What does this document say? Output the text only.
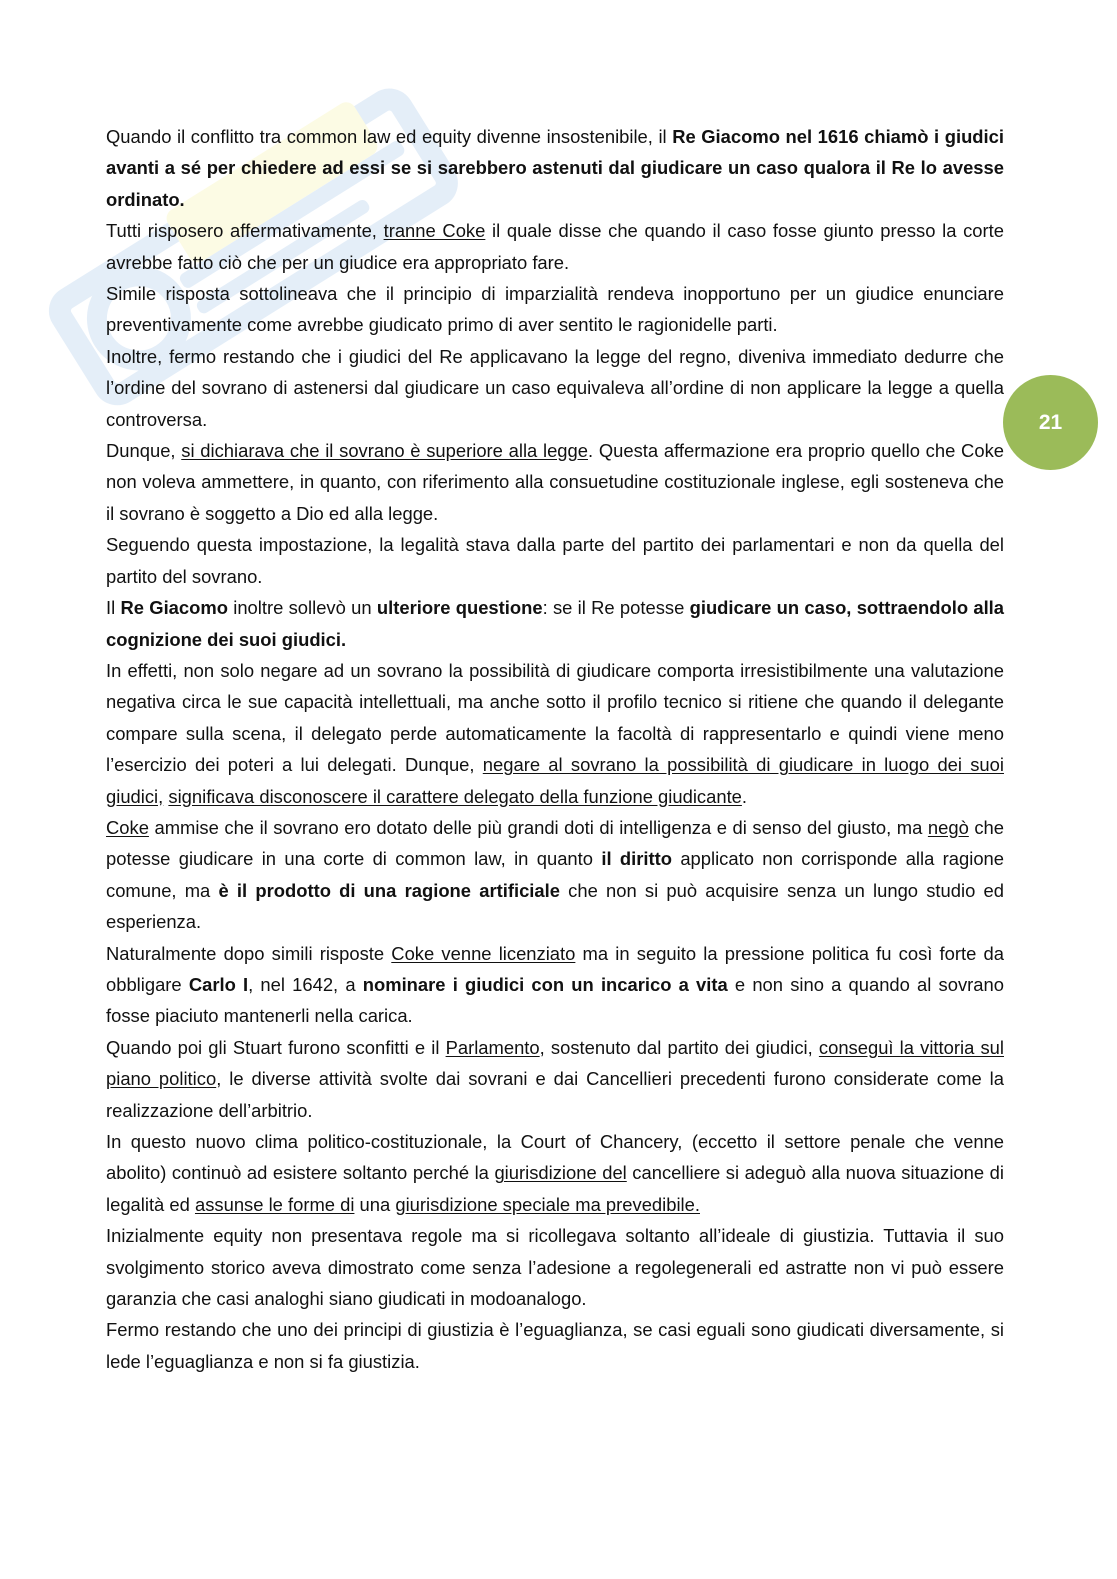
21

Quando il conflitto tra common law ed equity divenne insostenibile, il Re Giacomo nel 1616 chiamò i giudici avanti a sé per chiedere ad essi se si sarebbero astenuti dal giudicare un caso qualora il Re lo avesse ordinato.

Tutti risposero affermativamente, tranne Coke il quale disse che quando il caso fosse giunto presso la corte avrebbe fatto ciò che per un giudice era appropriato fare.

Simile risposta sottolineava che il principio di imparzialità rendeva inopportuno per un giudice enunciare preventivamente come avrebbe giudicato primo di aver sentito le ragionidelle parti.

Inoltre, fermo restando che i giudici del Re applicavano la legge del regno, diveniva immediato dedurre che l’ordine del sovrano di astenersi dal giudicare un caso equivaleva all’ordine di non applicare la legge a quella controversa.

Dunque, si dichiarava che il sovrano è superiore alla legge. Questa affermazione era proprio quello che Coke non voleva ammettere, in quanto, con riferimento alla consuetudine costituzionale inglese, egli sosteneva che il sovrano è soggetto a Dio ed alla legge.

Seguendo questa impostazione, la legalità stava dalla parte del partito dei parlamentari e non da quella del partito del sovrano.

Il Re Giacomo inoltre sollevò un ulteriore questione: se il Re potesse giudicare un caso, sottraendolo alla cognizione dei suoi giudici.

In effetti, non solo negare ad un sovrano la possibilità di giudicare comporta irresistibilmente una valutazione negativa circa le sue capacità intellettuali, ma anche sotto il profilo tecnico si ritiene che quando il delegante compare sulla scena, il delegato perde automaticamente la facoltà di rappresentarlo e quindi viene meno l’esercizio dei poteri a lui delegati. Dunque, negare al sovrano la possibilità di giudicare in luogo dei suoi giudici, significava disconoscere il carattere delegato della funzione giudicante.

Coke ammise che il sovrano ero dotato delle più grandi doti di intelligenza e di senso del giusto, ma negò che potesse giudicare in una corte di common law, in quanto il diritto applicato non corrisponde alla ragione comune, ma è il prodotto di una ragione artificiale che non si può acquisire senza un lungo studio ed esperienza.

Naturalmente dopo simili risposte Coke venne licenziato ma in seguito la pressione politica fu così forte da obbligare Carlo I, nel 1642, a nominare i giudici con un incarico a vita e non sino a quando al sovrano fosse piaciuto mantenerli nella carica.

Quando poi gli Stuart furono sconfitti e il Parlamento, sostenuto dal partito dei giudici, conseguì la vittoria sul piano politico, le diverse attività svolte dai sovrani e dai Cancellieri precedenti furono considerate come la realizzazione dell’arbitrio.

In questo nuovo clima politico-costituzionale, la Court of Chancery, (eccetto il settore penale che venne abolito) continuò ad esistere soltanto perché la giurisdizione del cancelliere si adeguò alla nuova situazione di legalità ed assunse le forme di una giurisdizione speciale ma prevedibile.

Inizialmente equity non presentava regole ma si ricollegava soltanto all’ideale di giustizia. Tuttavia il suo svolgimento storico aveva dimostrato come senza l’adesione a regolegenerali ed astratte non vi può essere garanzia che casi analoghi siano giudicati in modoanalogo.

Fermo restando che uno dei principi di giustizia è l’eguaglianza, se casi eguali sono giudicati diversamente, si lede l’eguaglianza e non si fa giustizia.
